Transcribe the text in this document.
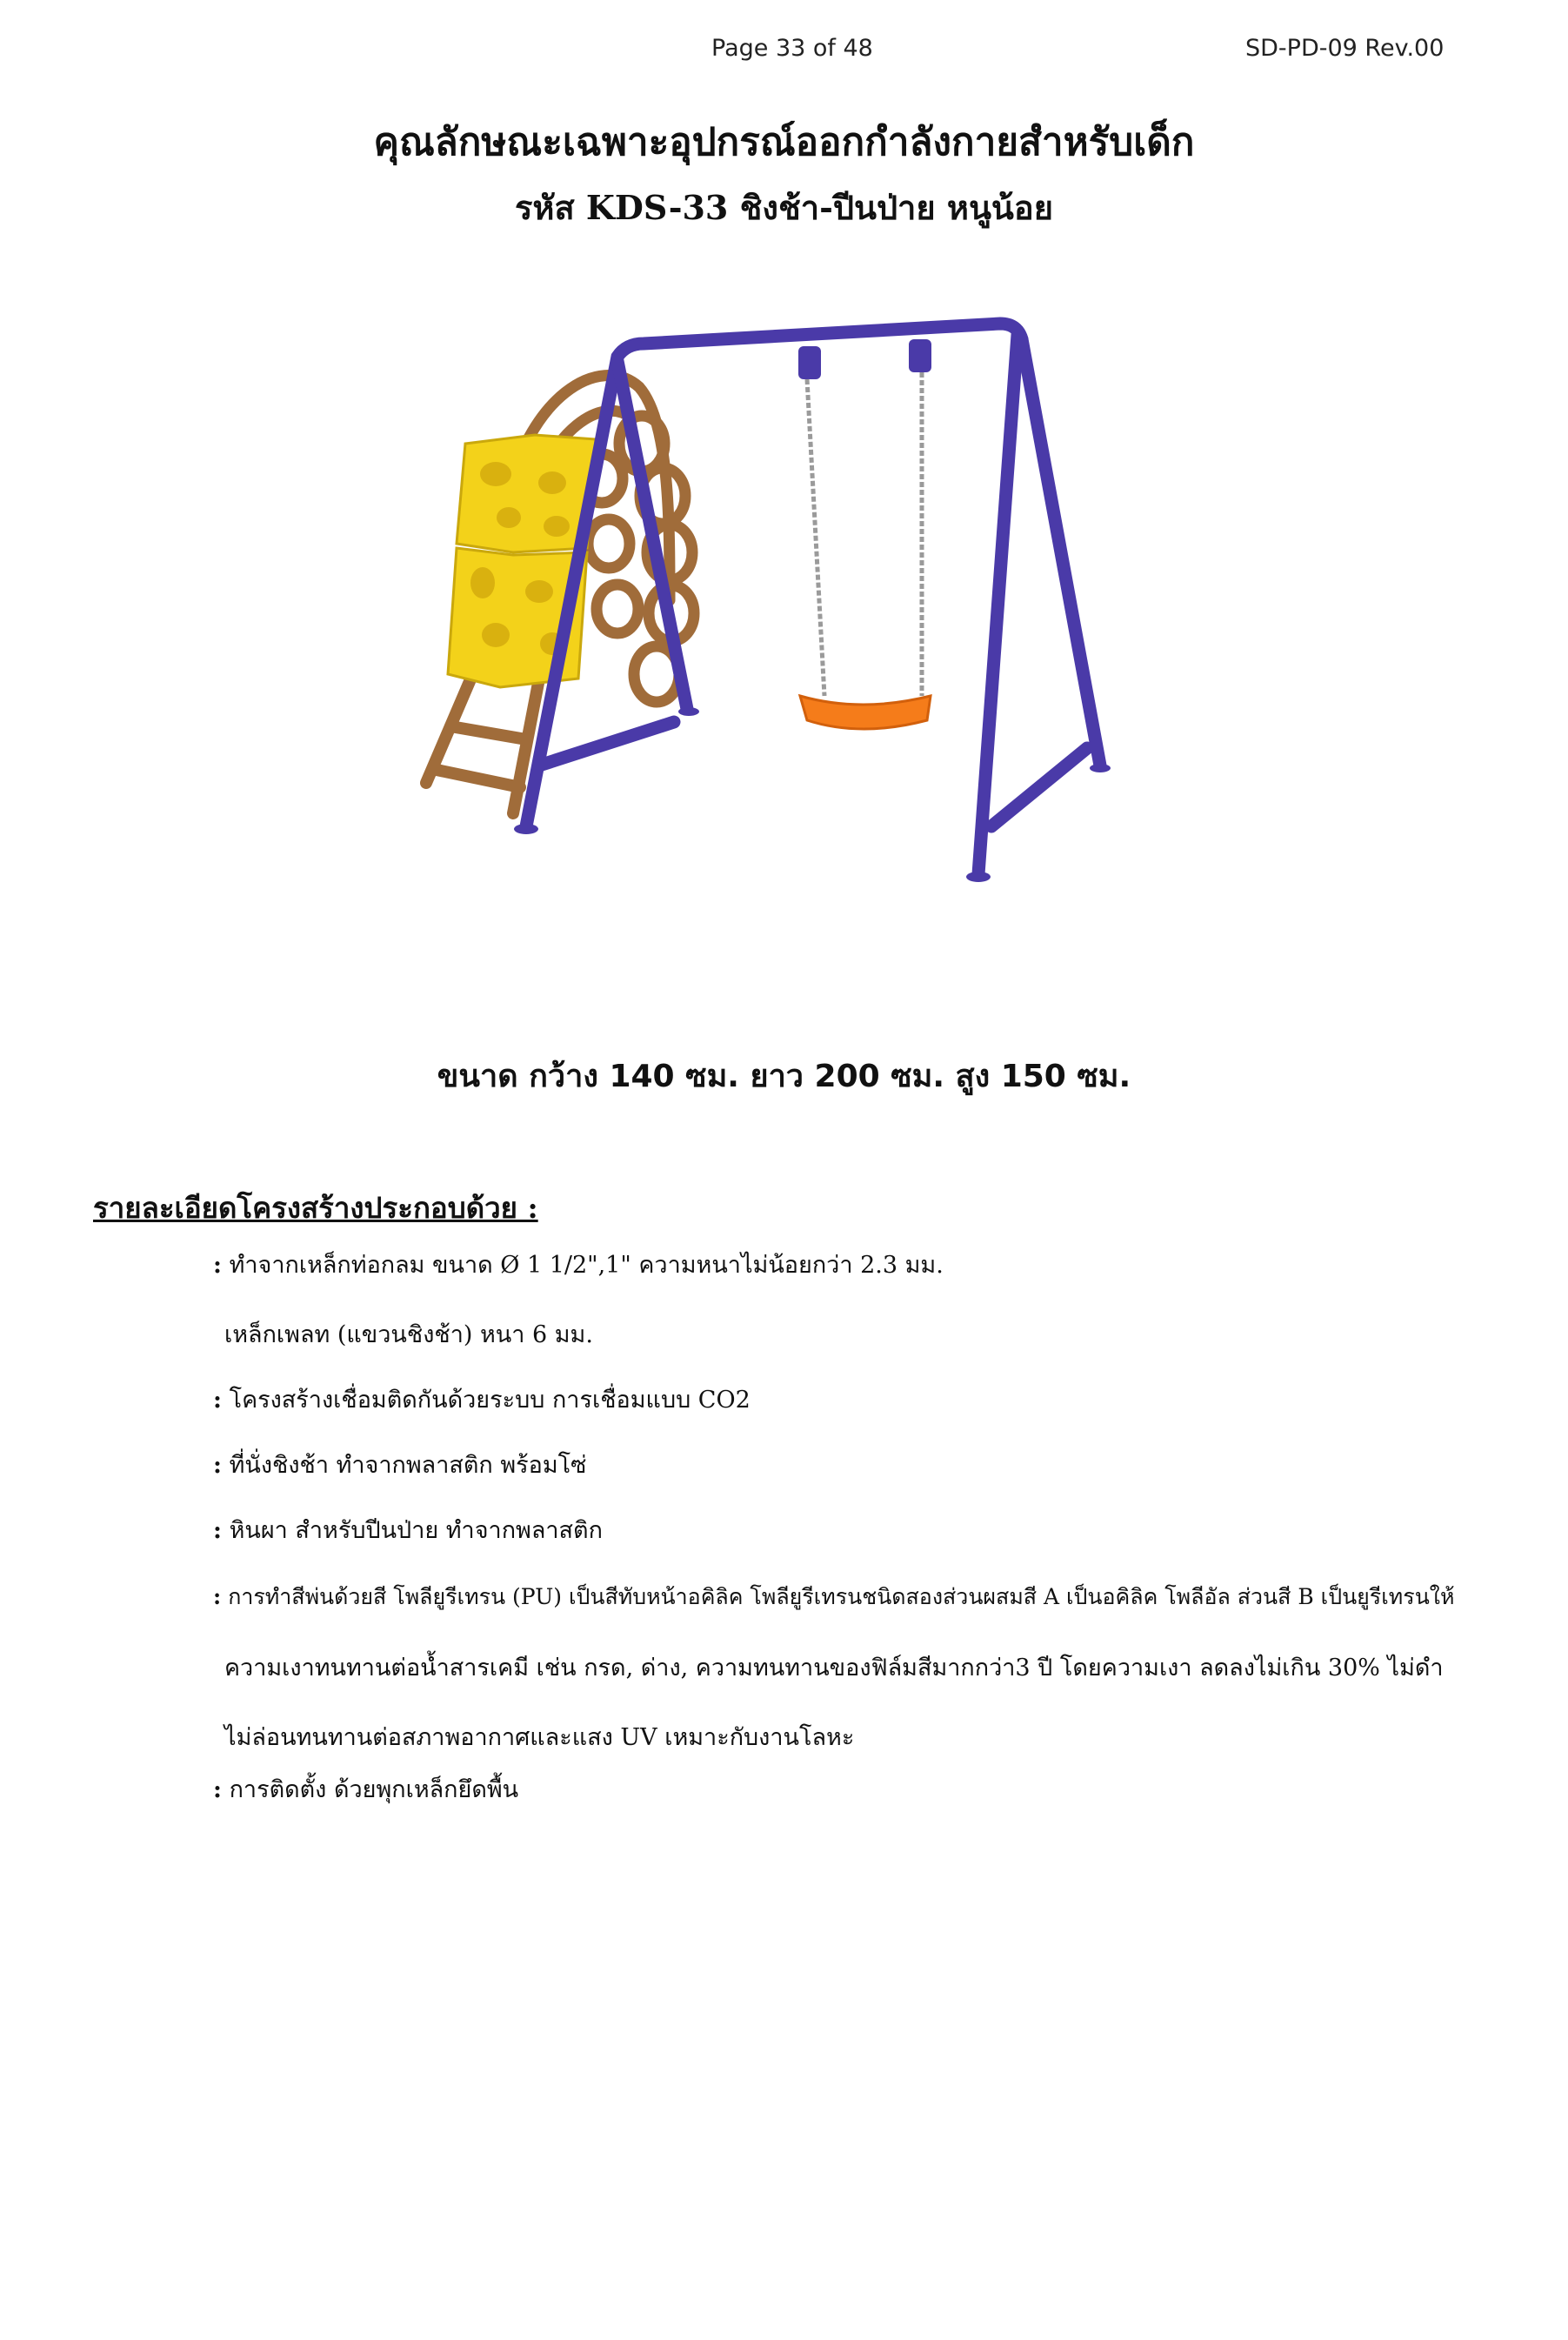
Page 33 of 48	SD-PD-09 Rev.00
คุณลักษณะเฉพาะอุปกรณ์ออกกำลังกายสำหรับเด็ก
รหัส KDS-33 ชิงช้า-ปีนป่าย หนูน้อย
ขนาด กว้าง 140 ซม. ยาว 200 ซม. สูง 150 ซม.
รายละเอียดโครงสร้างประกอบด้วย :
: ทำจากเหล็กท่อกลม ขนาด Ø 1 1/2",1" ความหนาไม่น้อยกว่า 2.3 มม.
เหล็กเพลท (แขวนชิงช้า) หนา 6 มม.
: โครงสร้างเชื่อมติดกันด้วยระบบ การเชื่อมแบบ CO2
: ที่นั่งชิงช้า ทำจากพลาสติก พร้อมโซ่
: หินผา สำหรับปีนป่าย ทำจากพลาสติก
: การทำสีพ่นด้วยสี โพลียูรีเทรน (PU) เป็นสีทับหน้าอคิลิค โพลียูรีเทรนชนิดสองส่วนผสมสี A เป็นอคิลิค โพลีอัล ส่วนสี B เป็นยูรีเทรนให้
ความเงาทนทานต่อน้ำสารเคมี เช่น กรด, ด่าง, ความทนทานของฟิล์มสีมากกว่า3 ปี โดยความเงา ลดลงไม่เกิน 30% ไม่ดำ
ไม่ล่อนทนทานต่อสภาพอากาศและแสง UV เหมาะกับงานโลหะ
: การติดตั้ง ด้วยพุกเหล็กยึดพื้น
